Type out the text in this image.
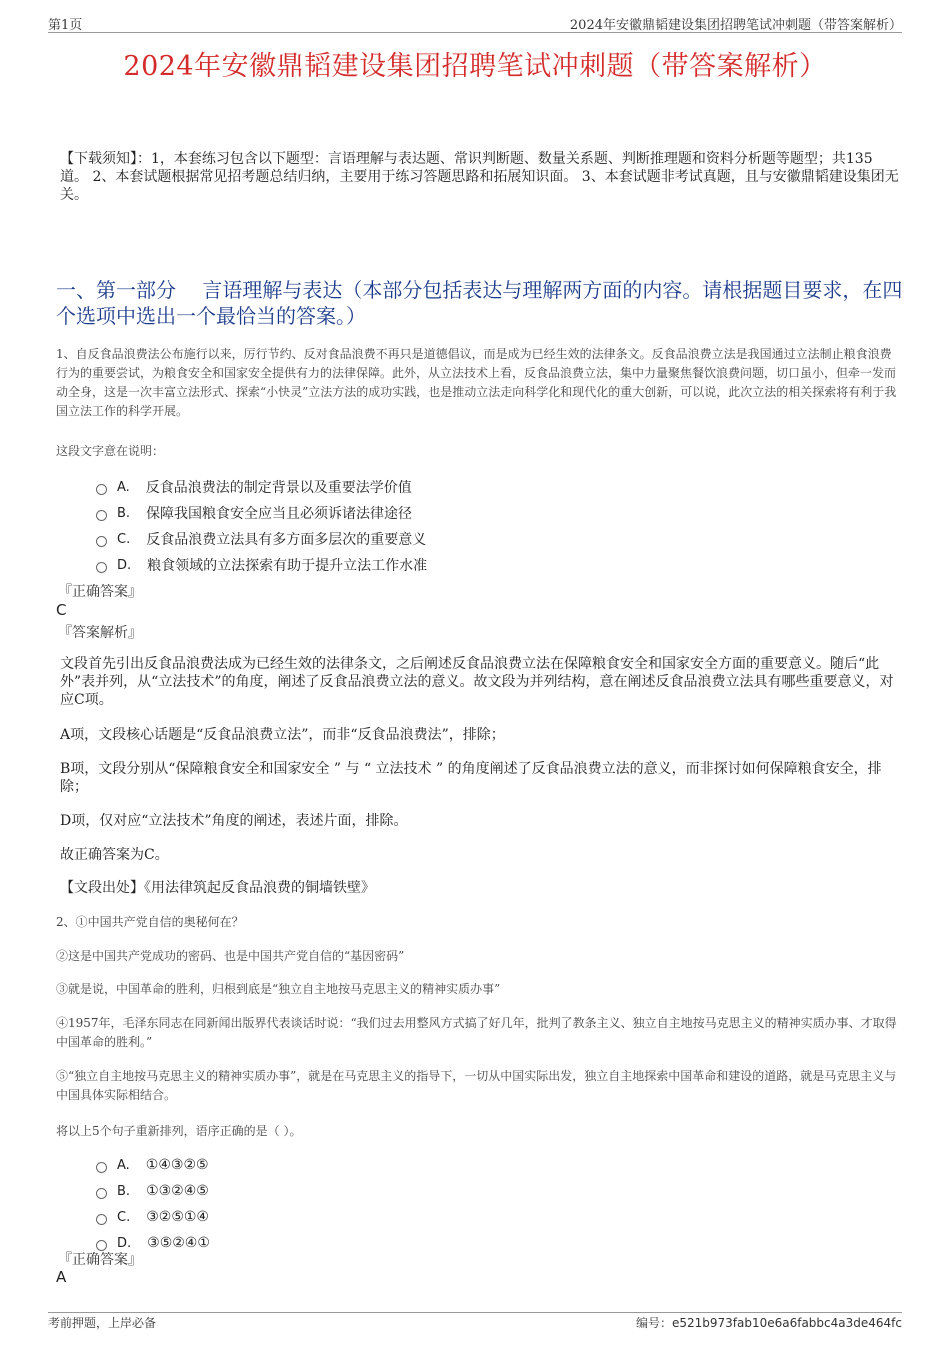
第1页	2024年安徽鼎韬建设集团招聘笔试冲刺题（带答案解析）
2024年安徽鼎韬建设集团招聘笔试冲刺题（带答案解析）
【下载须知】：1，本套练习包含以下题型：言语理解与表达题、常识判断题、数量关系题、判断推理题和资料分析题等题型；共135道。 2、本套试题根据常见招考题总结归纳，主要用于练习答题思路和拓展知识面。 3、本套试题非考试真题，且与安徽鼎韬建设集团无关。
一、第一部分　 言语理解与表达（本部分包括表达与理解两方面的内容。请根据题目要求，在四个选项中选出一个最恰当的答案。）
1、自反食品浪费法公布施行以来，厉行节约、反对食品浪费不再只是道德倡议，而是成为已经生效的法律条文。反食品浪费立法是我国通过立法制止粮食浪费行为的重要尝试，为粮食安全和国家安全提供有力的法律保障。此外，从立法技术上看，反食品浪费立法，集中力量聚焦餐饮浪费问题，切口虽小，但牵一发而动全身，这是一次丰富立法形式、探索“小快灵”立法方法的成功实践，也是推动立法走向科学化和现代化的重大创新，可以说，此次立法的相关探索将有利于我国立法工作的科学开展。
这段文字意在说明：
A. 反食品浪费法的制定背景以及重要法学价值
B. 保障我国粮食安全应当且必须诉诸法律途径
C. 反食品浪费立法具有多方面多层次的重要意义
D. 粮食领域的立法探索有助于提升立法工作水准
『正确答案』
C
『答案解析』
文段首先引出反食品浪费法成为已经生效的法律条文，之后阐述反食品浪费立法在保障粮食安全和国家安全方面的重要意义。随后“此外”表并列，从“立法技术”的角度，阐述了反食品浪费立法的意义。故文段为并列结构，意在阐述反食品浪费立法具有哪些重要意义，对应C项。
A项，文段核心话题是“反食品浪费立法”，而非“反食品浪费法”，排除；
B项，文段分别从“保障粮食安全和国家安全 ” 与 “ 立法技术 ” 的角度阐述了反食品浪费立法的意义，而非探讨如何保障粮食安全，排除；
D项，仅对应“立法技术”角度的阐述，表述片面，排除。
故正确答案为C。
【文段出处】《用法律筑起反食品浪费的铜墙铁壁》
2、①中国共产党自信的奥秘何在？
②这是中国共产党成功的密码、也是中国共产党自信的“基因密码”
③就是说，中国革命的胜利，归根到底是“独立自主地按马克思主义的精神实质办事”
④1957年，毛泽东同志在同新闻出版界代表谈话时说：“我们过去用整风方式搞了好几年，批判了教条主义、独立自主地按马克思主义的精神实质办事、才取得中国革命的胜利。”
⑤“独立自主地按马克思主义的精神实质办事”，就是在马克思主义的指导下，一切从中国实际出发，独立自主地探索中国革命和建设的道路，就是马克思主义与中国具体实际相结合。
将以上5个句子重新排列，语序正确的是（ ）。
A. ①④③②⑤
B. ①③②④⑤
C. ③②⑤①④
D. ③⑤②④①
『正确答案』
A
考前押题，上岸必备	编号：e521b973fab10e6a6fabbc4a3de464fc
